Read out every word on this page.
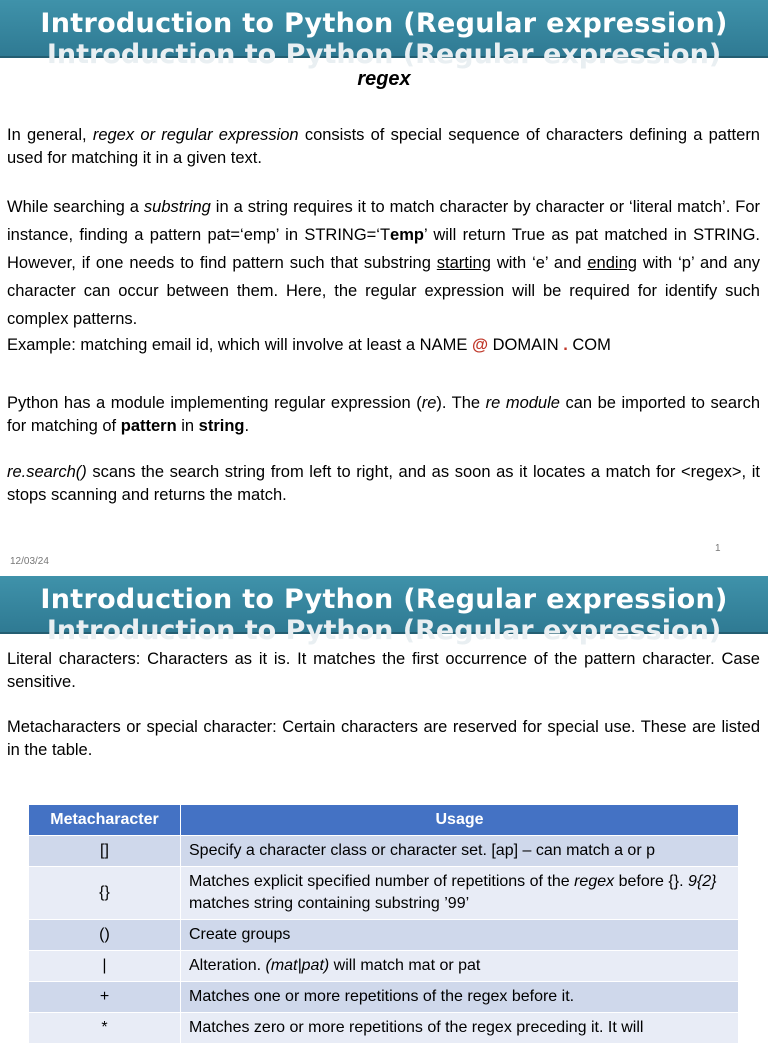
Introduction to Python (Regular expression)
Introduction to Python (Regular expression)
regex
In general, regex or regular expression consists of special sequence of characters defining a pattern used for matching it in a given text.
While searching a substring in a string requires it to match character by character or ‘literal match’. For instance, finding a pattern pat=‘emp’ in STRING=‘Temp’ will return True as pat matched in STRING. However, if one needs to find pattern such that substring starting with ‘e’ and ending with ‘p’ and any character can occur between them. Here, the regular expression will be required for identify such complex patterns.
Example: matching email id, which will involve at least a NAME @ DOMAIN . COM
Python has a module implementing regular expression (re). The re module can be imported to search for matching of pattern in string.
re.search() scans the search string from left to right, and as soon as it locates a match for <regex>, it stops scanning and returns the match.
12/03/24
1
Introduction to Python (Regular expression)
Introduction to Python (Regular expression)
Literal characters: Characters as it is. It matches the first occurrence of the pattern character. Case sensitive.
Metacharacters or special character: Certain characters are reserved for special use. These are listed in the table.
Metacharacter	Usage
[]	Specify a character class or character set. [ap] – can match a or p
{}	Matches explicit specified number of repetitions of the regex before {}. 9{2} matches string containing substring ’99’
()	Create groups
|	Alteration. (mat|pat) will match mat or pat
+	Matches one or more repetitions of the regex before it.
*	Matches zero or more repetitions of the regex preceding it. It will
